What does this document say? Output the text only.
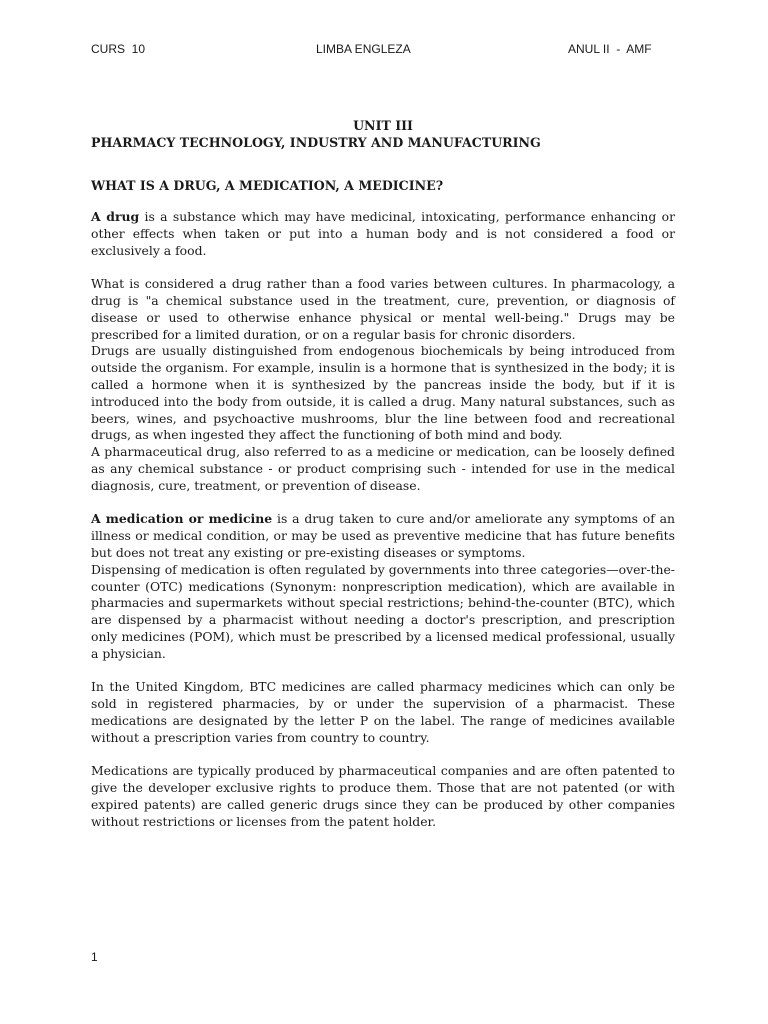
CURS  10	LIMBA ENGLEZA	ANUL II  -  AMF
UNIT III
PHARMACY TECHNOLOGY, INDUSTRY AND MANUFACTURING
WHAT IS A DRUG, A MEDICATION, A MEDICINE?

A drug is a substance which may have medicinal, intoxicating, performance enhancing or other effects when taken or put into a human body and is not considered a food or exclusively a food.

What is considered a drug rather than a food varies between cultures. In pharmacology, a drug is "a chemical substance used in the treatment, cure, prevention, or diagnosis of disease or used to otherwise enhance physical or mental well-being." Drugs may be prescribed for a limited duration, or on a regular basis for chronic disorders.

Drugs are usually distinguished from endogenous biochemicals by being introduced from outside the organism. For example, insulin is a hormone that is synthesized in the body; it is called a hormone when it is synthesized by the pancreas inside the body, but if it is introduced into the body from outside, it is called a drug. Many natural substances, such as beers, wines, and psychoactive mushrooms, blur the line between food and recreational drugs, as when ingested they affect the functioning of both mind and body.

A pharmaceutical drug, also referred to as a medicine or medication, can be loosely defined as any chemical substance - or product comprising such - intended for use in the medical diagnosis, cure, treatment, or prevention of disease.

A medication or medicine is a drug taken to cure and/or ameliorate any symptoms of an illness or medical condition, or may be used as preventive medicine that has future benefits but does not treat any existing or pre-existing diseases or symptoms.

Dispensing of medication is often regulated by governments into three categories—over-the-counter (OTC) medications (Synonym: nonprescription medication), which are available in pharmacies and supermarkets without special restrictions; behind-the-counter (BTC), which are dispensed by a pharmacist without needing a doctor's prescription, and prescription only medicines (POM), which must be prescribed by a licensed medical professional, usually a physician.

In the United Kingdom, BTC medicines are called pharmacy medicines which can only be sold in registered pharmacies, by or under the supervision of a pharmacist. These medications are designated by the letter P on the label. The range of medicines available without a prescription varies from country to country.

Medications are typically produced by pharmaceutical companies and are often patented to give the developer exclusive rights to produce them. Those that are not patented (or with expired patents) are called generic drugs since they can be produced by other companies without restrictions or licenses from the patent holder.

1
